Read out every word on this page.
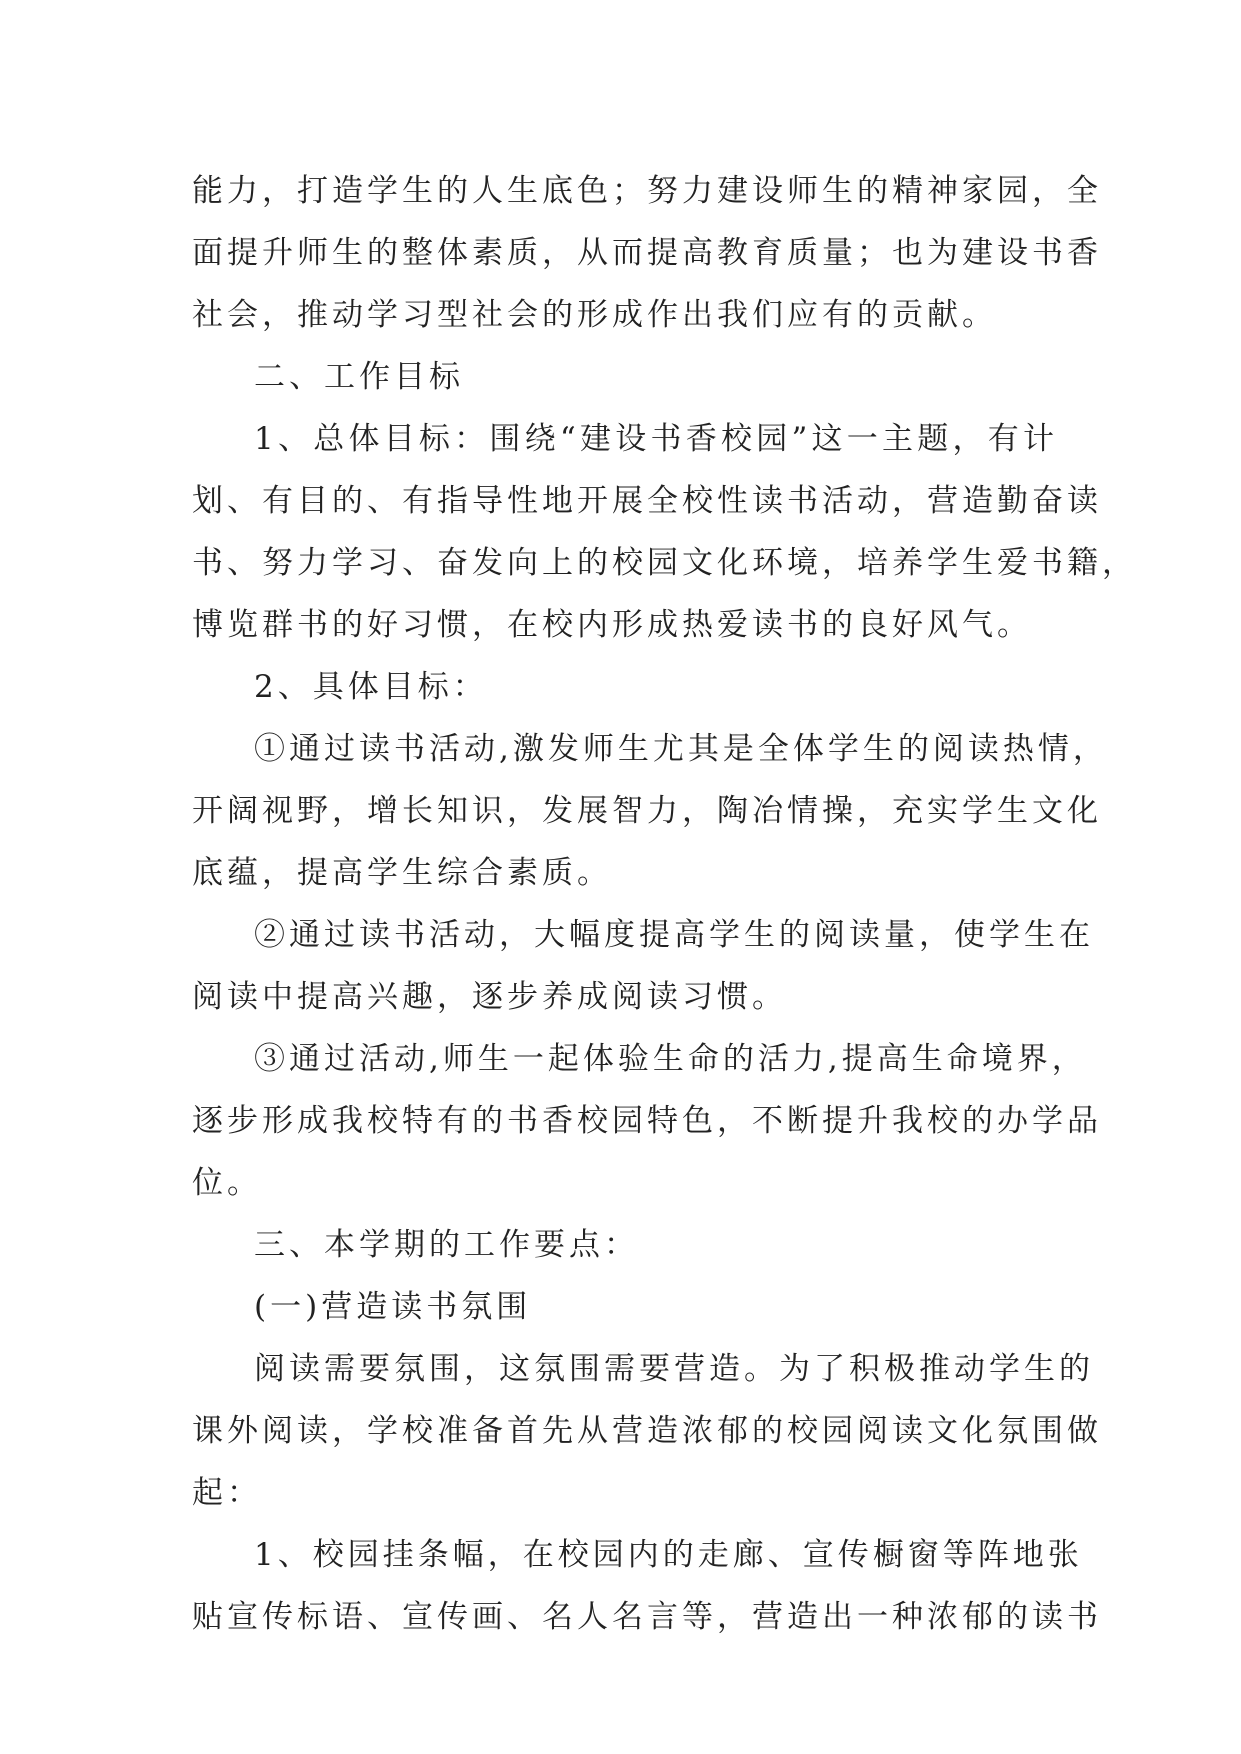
能力，打造学生的人生底色；努力建设师生的精神家园，全
面提升师生的整体素质，从而提高教育质量；也为建设书香
社会，推动学习型社会的形成作出我们应有的贡献。
二、工作目标
1、总体目标：围绕“建设书香校园”这一主题，有计
划、有目的、有指导性地开展全校性读书活动，营造勤奋读
书、努力学习、奋发向上的校园文化环境，培养学生爱书籍，
博览群书的好习惯，在校内形成热爱读书的良好风气。
2、具体目标：
①通过读书活动,激发师生尤其是全体学生的阅读热情，
开阔视野，增长知识，发展智力，陶冶情操，充实学生文化
底蕴，提高学生综合素质。
②通过读书活动，大幅度提高学生的阅读量，使学生在
阅读中提高兴趣，逐步养成阅读习惯。
③通过活动,师生一起体验生命的活力,提高生命境界，
逐步形成我校特有的书香校园特色，不断提升我校的办学品
位。
三、本学期的工作要点：
(一)营造读书氛围
阅读需要氛围，这氛围需要营造。为了积极推动学生的
课外阅读，学校准备首先从营造浓郁的校园阅读文化氛围做
起：
1、校园挂条幅，在校园内的走廊、宣传橱窗等阵地张
贴宣传标语、宣传画、名人名言等，营造出一种浓郁的读书
